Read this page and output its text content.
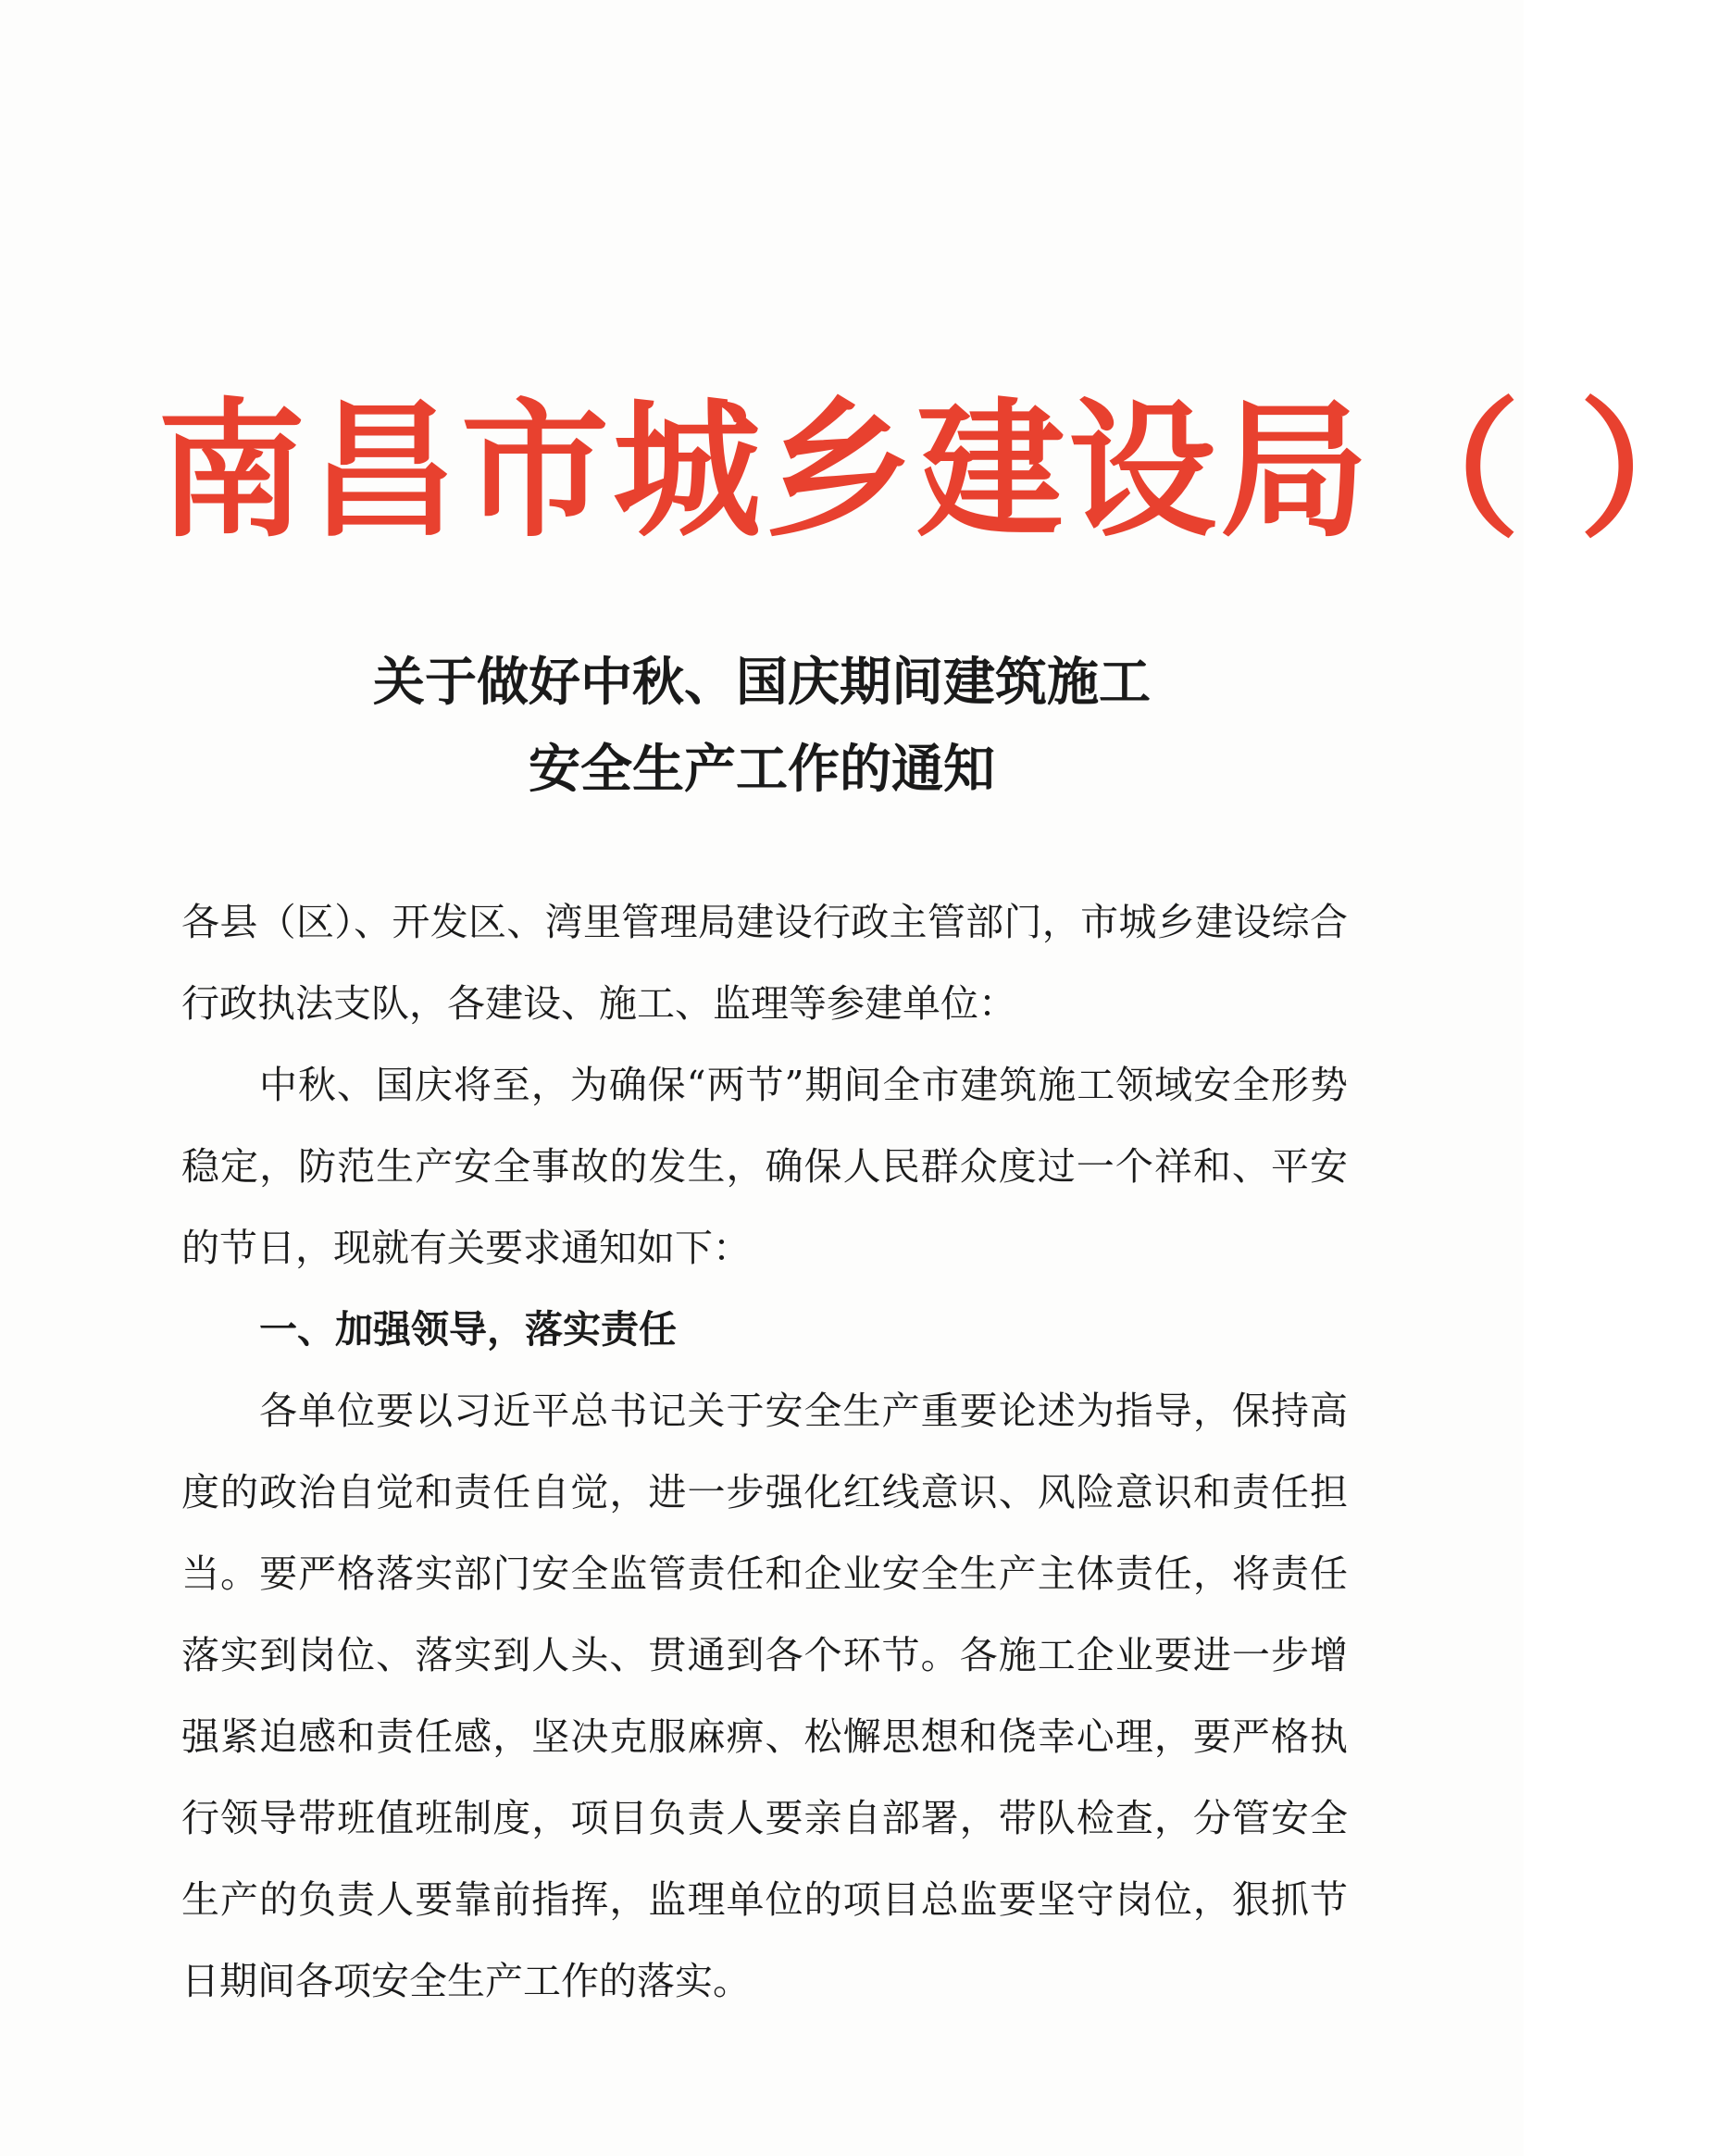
南昌市城乡建设局（ ）
关于做好中秋、国庆期间建筑施工
安全生产工作的通知

各县（区）、开发区、湾里管理局建设行政主管部门，市城乡建设综合行政执法支队，各建设、施工、监理等参建单位：

中秋、国庆将至，为确保“两节”期间全市建筑施工领域安全形势稳定，防范生产安全事故的发生，确保人民群众度过一个祥和、平安的节日，现就有关要求通知如下：

一、加强领导，落实责任

各单位要以习近平总书记关于安全生产重要论述为指导，保持高度的政治自觉和责任自觉，进一步强化红线意识、风险意识和责任担当。要严格落实部门安全监管责任和企业安全生产主体责任，将责任落实到岗位、落实到人头、贯通到各个环节。各施工企业要进一步增强紧迫感和责任感，坚决克服麻痹、松懈思想和侥幸心理，要严格执行领导带班值班制度，项目负责人要亲自部署，带队检查，分管安全生产的负责人要靠前指挥，监理单位的项目总监要坚守岗位，狠抓节日期间各项安全生产工作的落实。
